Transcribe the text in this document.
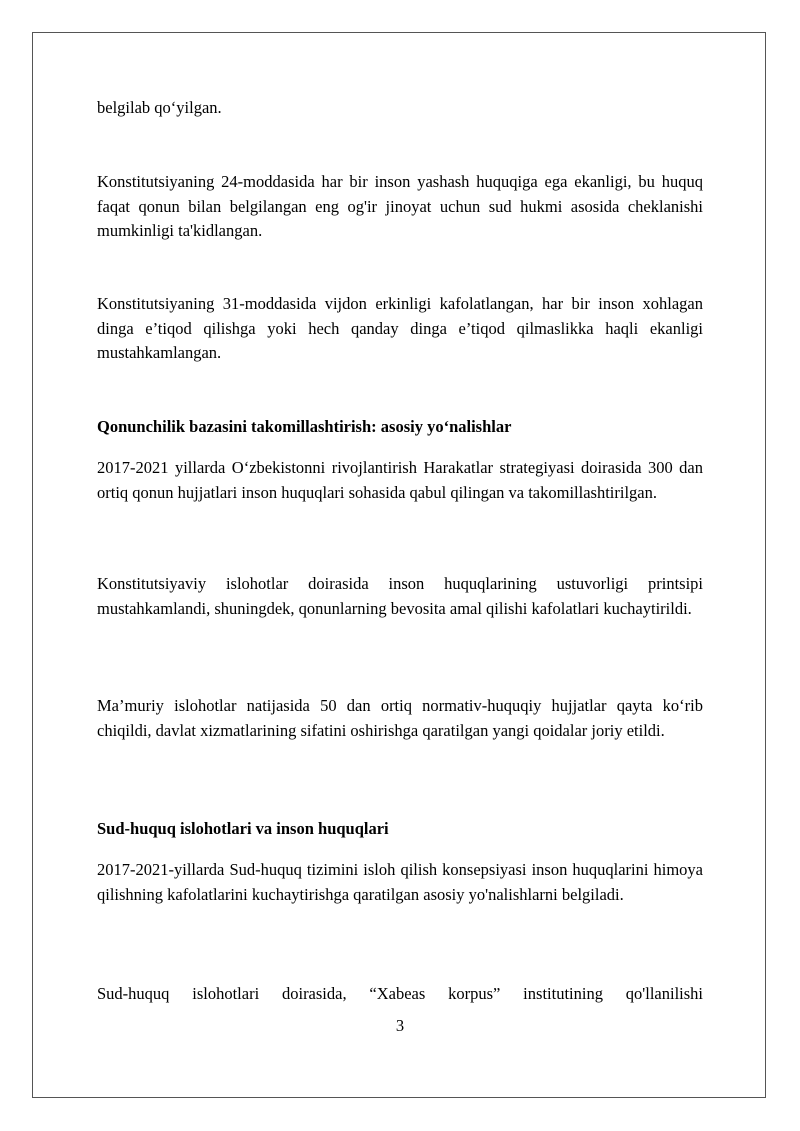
belgilab qo‘yilgan.

Konstitutsiyaning 24-moddasida har bir inson yashash huquqiga ega ekanligi, bu huquq faqat qonun bilan belgilangan eng og'ir jinoyat uchun sud hukmi asosida cheklanishi mumkinligi ta'kidlangan.

Konstitutsiyaning 31-moddasida vijdon erkinligi kafolatlangan, har bir inson xohlagan dinga e’tiqod qilishga yoki hech qanday dinga e’tiqod qilmaslikka haqli ekanligi mustahkamlangan.

Qonunchilik bazasini takomillashtirish: asosiy yo‘nalishlar

2017-2021 yillarda O‘zbekistonni rivojlantirish Harakatlar strategiyasi doirasida 300 dan ortiq qonun hujjatlari inson huquqlari sohasida qabul qilingan va takomillashtirilgan.

Konstitutsiyaviy islohotlar doirasida inson huquqlarining ustuvorligi printsipi mustahkamlandi, shuningdek, qonunlarning bevosita amal qilishi kafolatlari kuchaytirildi.

Ma’muriy islohotlar natijasida 50 dan ortiq normativ-huquqiy hujjatlar qayta ko‘rib chiqildi, davlat xizmatlarining sifatini oshirishga qaratilgan yangi qoidalar joriy etildi.

Sud-huquq islohotlari va inson huquqlari

2017-2021-yillarda Sud-huquq tizimini isloh qilish konsepsiyasi inson huquqlarini himoya qilishning kafolatlarini kuchaytirishga qaratilgan asosiy yo'nalishlarni belgiladi.

Sud-huquq islohotlari doirasida, “Xabeas korpus” institutining qo'llanilishi

3
